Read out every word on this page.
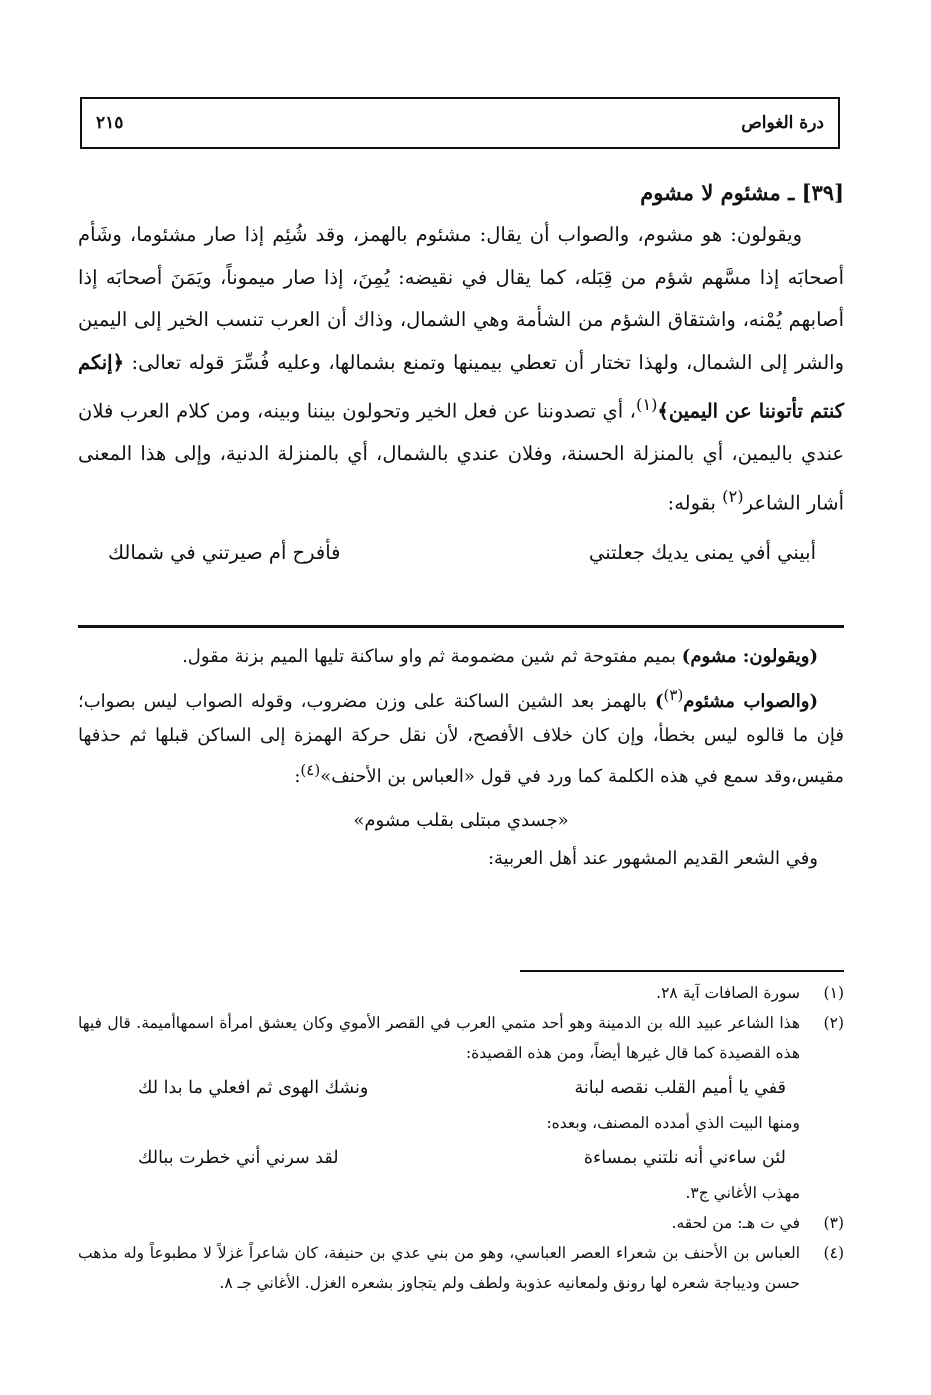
درة الغواص
٢١٥
[٣٩] ـ مشئوم لا مشوم

ويقولون: هو مشوم، والصواب أن يقال: مشئوم بالهمز، وقد شُئِم إذا صار مشئوما، وشَأم أصحابَه إذا مسَّهم شؤم من قِبَله، كما يقال في نقيضه: يُمِنَ، إذا صار ميموناً، ويَمَنَ أصحابَه إذا أصابهم يُمْنه، واشتقاق الشؤم من الشأمة وهي الشمال، وذاك أن العرب تنسب الخير إلى اليمين والشر إلى الشمال، ولهذا تختار أن تعطي بيمينها وتمنع بشمالها، وعليه فُسِّرَ قوله تعالى: ﴿إنكم كنتم تأتوننا عن اليمين﴾$^{(١)}$، أي تصدوننا عن فعل الخير وتحولون بيننا وبينه، ومن كلام العرب فلان عندي باليمين، أي بالمنزلة الحسنة، وفلان عندي بالشمال، أي بالمنزلة الدنية، وإلى هذا المعنى أشار الشاعر$^{(٢)}$ بقوله:

أبيني أفي يمنى يديك جعلتني
فأفرح أم صيرتني في شمالك

(ويقولون: مشوم) بميم مفتوحة ثم شين مضمومة ثم واو ساكنة تليها الميم بزنة مقول.

(والصواب مشئوم$^{(٣)}$) بالهمز بعد الشين الساكنة على وزن مضروب، وقوله الصواب ليس بصواب؛ فإن ما قالوه ليس بخطأ، وإن كان خلاف الأفصح، لأن نقل حركة الهمزة إلى الساكن قبلها ثم حذفها مقيس،وقد سمع في هذه الكلمة كما ورد في قول «العباس بن الأحنف»$^{(٤)}$:

«جسدي مبتلى بقلب مشوم»

وفي الشعر القديم المشهور عند أهل العربية:

(١)
سورة الصافات آية ٢٨.
(٢)
هذا الشاعر عبيد الله بن الدمينة وهو أحد متمي العرب في القصر الأموي وكان يعشق امرأة اسمهاأميمة. قال فيها هذه القصيدة كما قال غيرها أيضاً، ومن هذه القصيدة:
قفي يا أميم القلب نقصه لبانة
ونشك الهوى ثم افعلي ما بدا لك
ومنها البيت الذي أمدده المصنف، وبعده:
لئن ساءني أنه نلتني بمساءة
لقد سرني أني خطرت ببالك
مهذب الأغاني ج٣.
(٣)
في ت هـ: من لحقه.
(٤)
العباس بن الأحنف بن شعراء العصر العباسي، وهو من بني عدي بن حنيفة، كان شاعراً غزلاً لا مطبوعاً وله مذهب حسن وديباجة شعره لها رونق ولمعانيه عذوبة ولطف ولم يتجاوز بشعره الغزل. الأغاني جـ ٨.
